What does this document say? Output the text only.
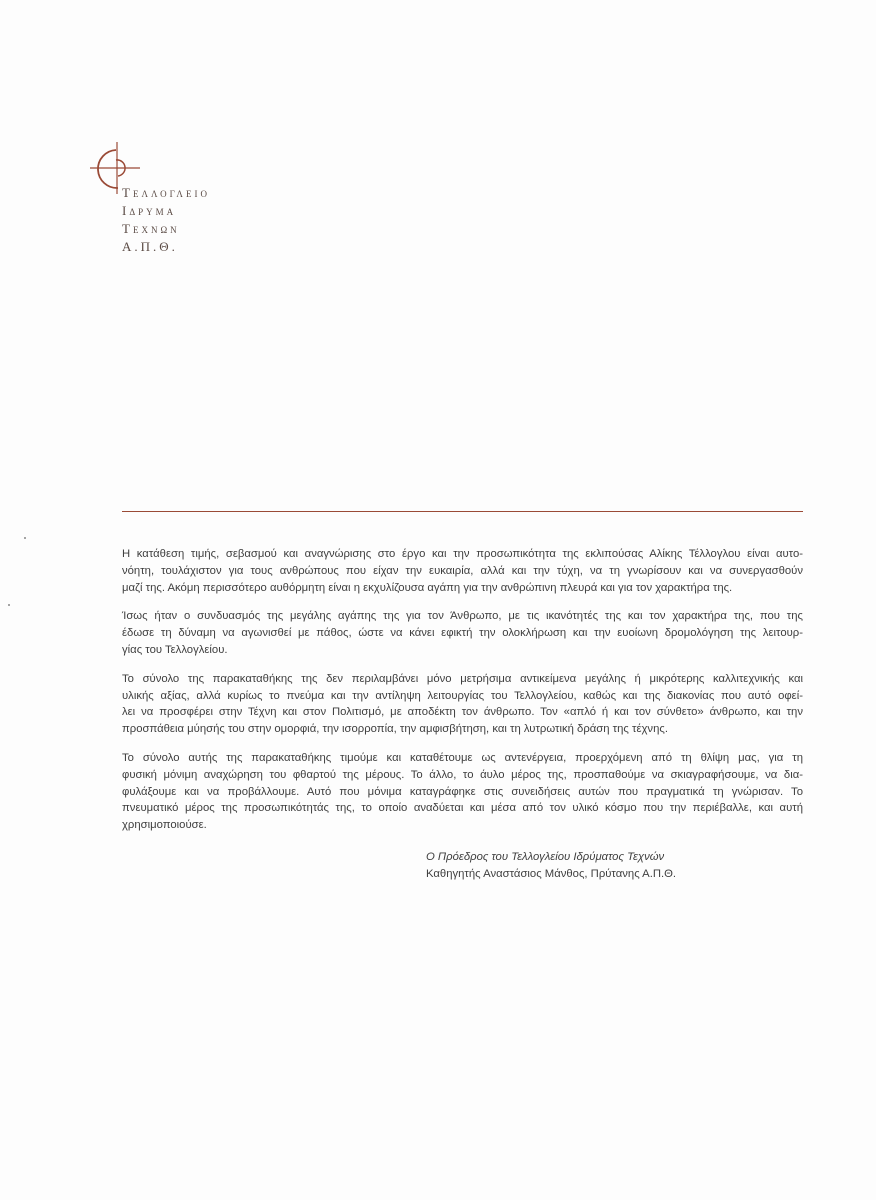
Τελλογλειο
Ιδρυμα
Τεχνων
Α.Π.Θ.

Η κατάθεση τιμής, σεβασμού και αναγνώρισης στο έργο και την προσωπικότητα της εκλιπούσας Αλίκης Τέλλογλου είναι αυτο-
νόητη, τουλάχιστον για τους ανθρώπους που είχαν την ευκαιρία, αλλά και την τύχη, να τη γνωρίσουν και να συνεργασθούν
μαζί της. Ακόμη περισσότερο αυθόρμητη είναι η εκχυλίζουσα αγάπη για την ανθρώπινη πλευρά και για τον χαρακτήρα της.

Ίσως ήταν ο συνδυασμός της μεγάλης αγάπης της για τον Άνθρωπο, με τις ικανότητές της και τον χαρακτήρα της, που της
έδωσε τη δύναμη να αγωνισθεί με πάθος, ώστε να κάνει εφικτή την ολοκλήρωση και την ευοίωνη δρομολόγηση της λειτουρ-
γίας του Τελλογλείου.

Το σύνολο της παρακαταθήκης της δεν περιλαμβάνει μόνο μετρήσιμα αντικείμενα μεγάλης ή μικρότερης καλλιτεχνικής και
υλικής αξίας, αλλά κυρίως το πνεύμα και την αντίληψη λειτουργίας του Τελλογλείου, καθώς και της διακονίας που αυτό οφεί-
λει να προσφέρει στην Τέχνη και στον Πολιτισμό, με αποδέκτη τον άνθρωπο. Τον «απλό ή και τον σύνθετο» άνθρωπο, και την
προσπάθεια μύησής του στην ομορφιά, την ισορροπία, την αμφισβήτηση, και τη λυτρωτική δράση της τέχνης.

Το σύνολο αυτής της παρακαταθήκης τιμούμε και καταθέτουμε ως αντενέργεια, προερχόμενη από τη θλίψη μας, για τη
φυσική μόνιμη αναχώρηση του φθαρτού της μέρους. Το άλλο, το άυλο μέρος της, προσπαθούμε να σκιαγραφήσουμε, να δια-
φυλάξουμε και να προβάλλουμε. Αυτό που μόνιμα καταγράφηκε στις συνειδήσεις αυτών που πραγματικά τη γνώρισαν. Το
πνευματικό μέρος της προσωπικότητάς της, το οποίο αναδύεται και μέσα από τον υλικό κόσμο που την περιέβαλλε, και αυτή
χρησιμοποιούσε.

Ο Πρόεδρος του Τελλογλείου Ιδρύματος Τεχνών
Καθηγητής Αναστάσιος Μάνθος, Πρύτανης Α.Π.Θ.
